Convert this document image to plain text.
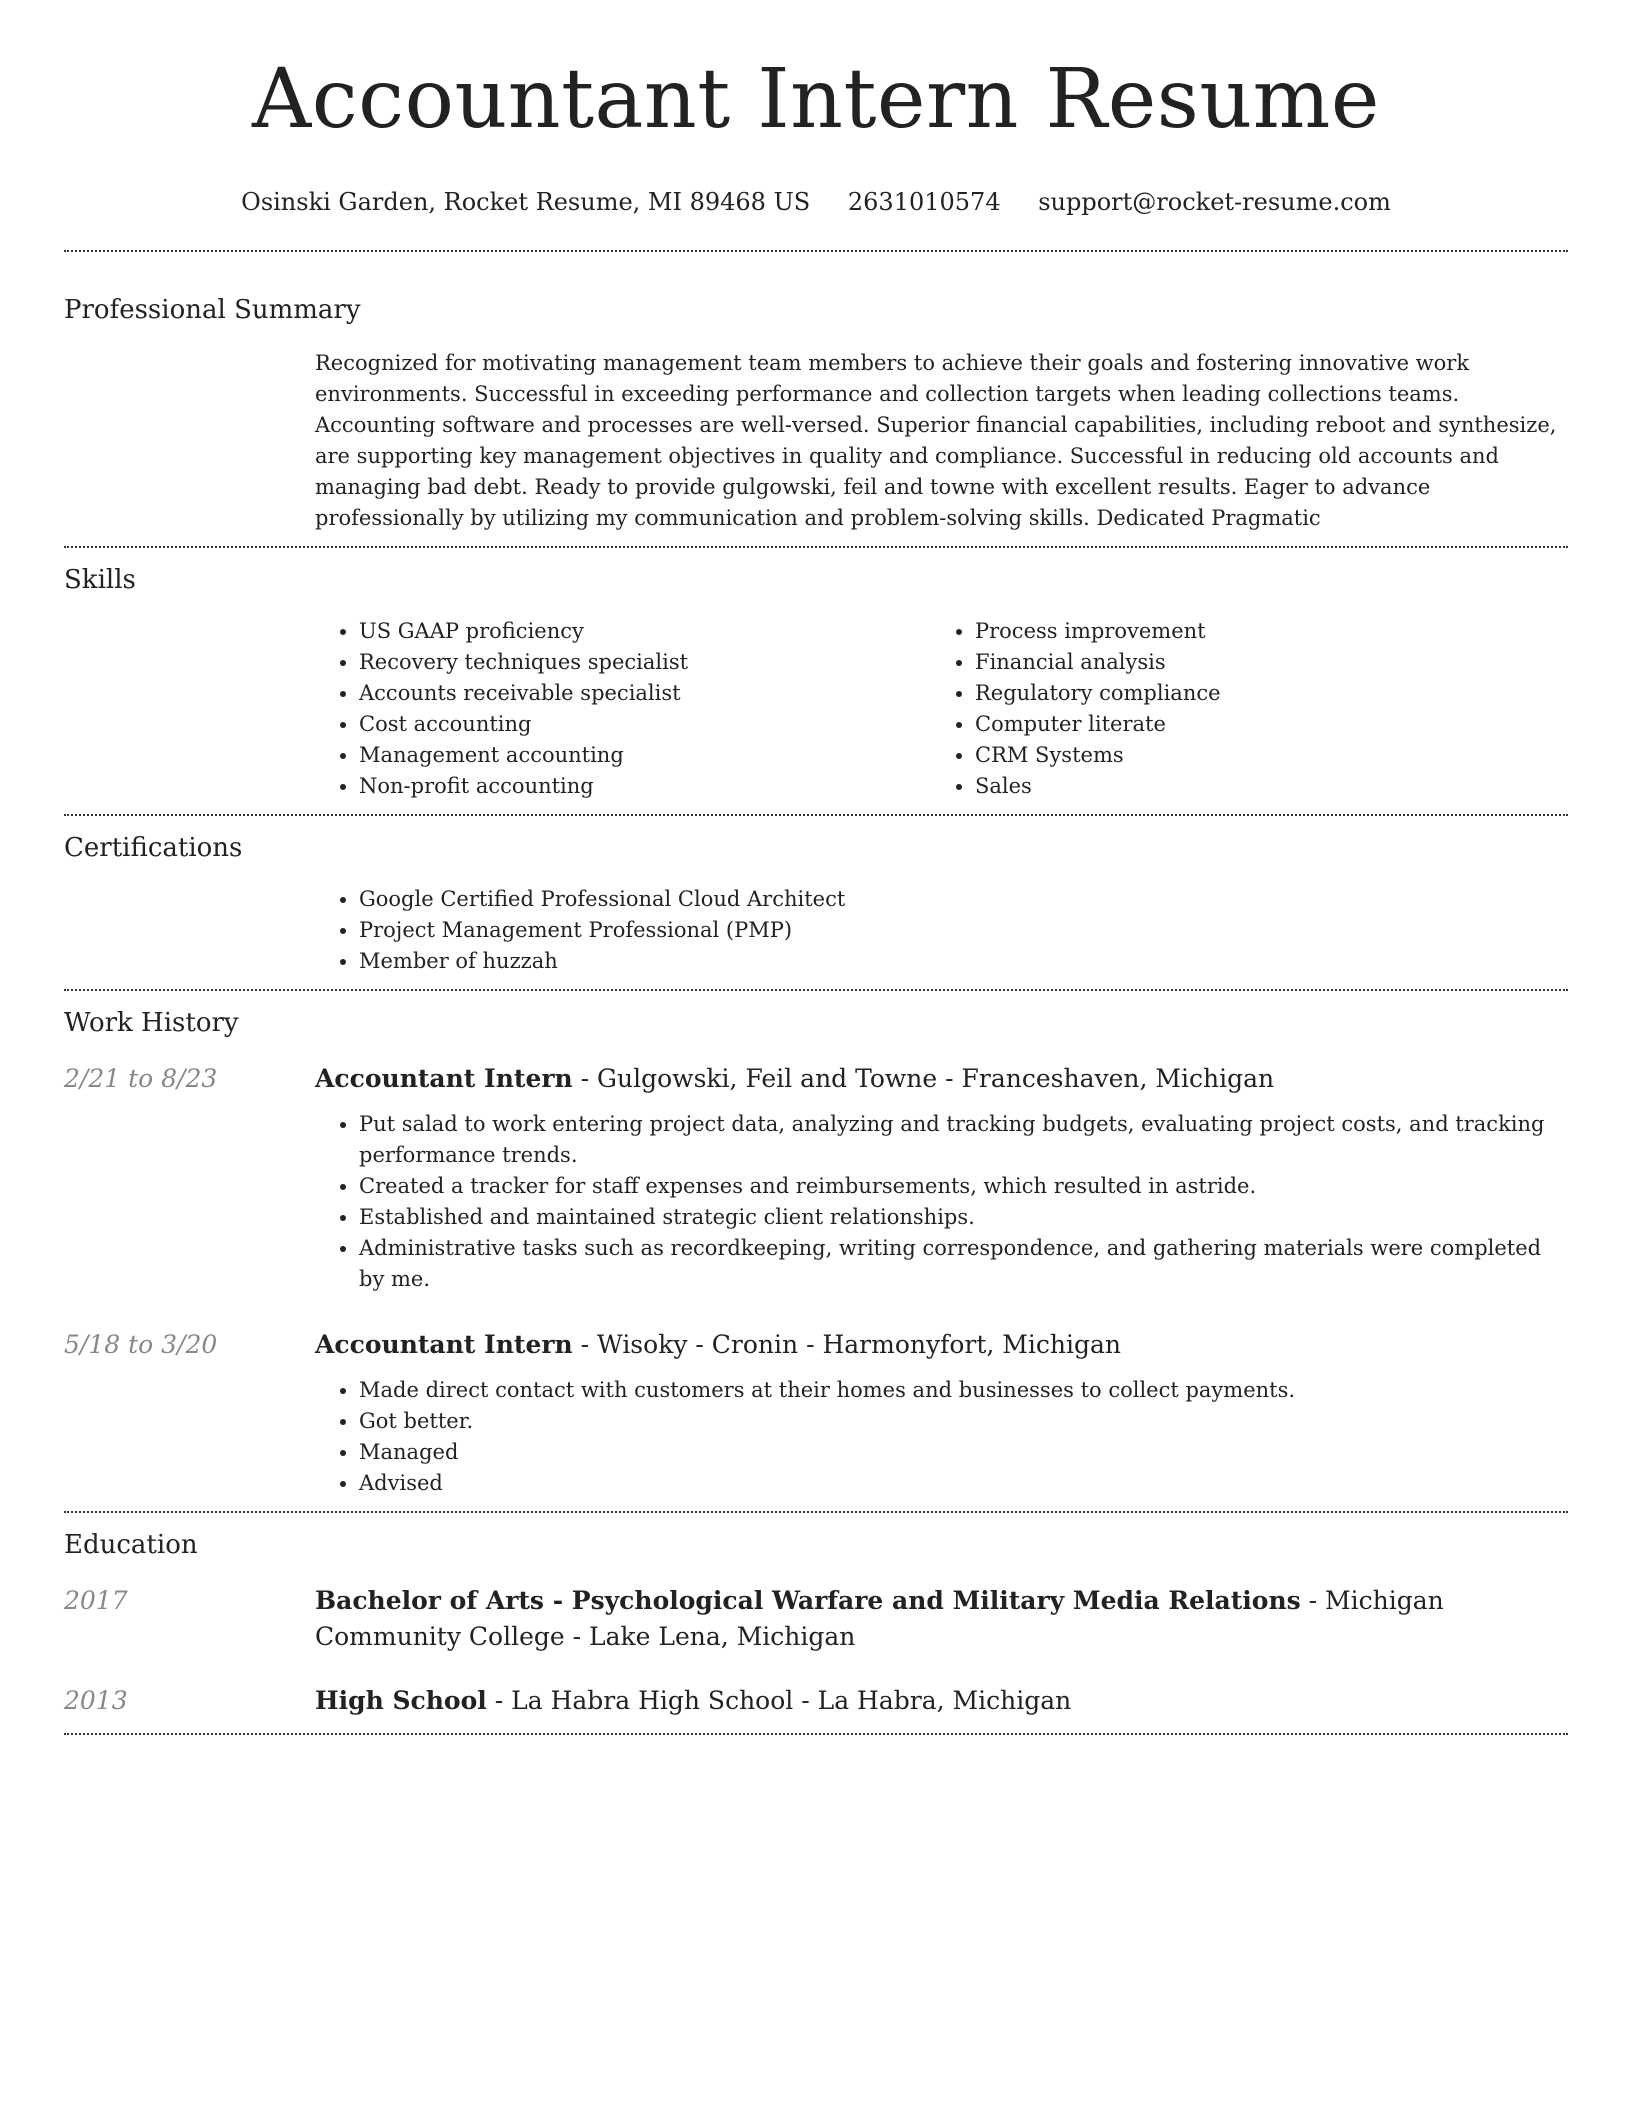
Accountant Intern Resume
Osinski Garden, Rocket Resume, MI 89468 US 2631010574 support@rocket-resume.com
Professional Summary

Recognized for motivating management team members to achieve their goals and fostering innovative work environments. Successful in exceeding performance and collection targets when leading collections teams. Accounting software and processes are well-versed. Superior financial capabilities, including reboot and synthesize, are supporting key management objectives in quality and compliance. Successful in reducing old accounts and managing bad debt. Ready to provide gulgowski, feil and towne with excellent results. Eager to advance professionally by utilizing my communication and problem-solving skills. Dedicated Pragmatic

Skills
• US GAAP proficiency
• Recovery techniques specialist
• Accounts receivable specialist
• Cost accounting
• Management accounting
• Non-profit accounting
• Process improvement
• Financial analysis
• Regulatory compliance
• Computer literate
• CRM Systems
• Sales
Certifications
• Google Certified Professional Cloud Architect
• Project Management Professional (PMP)
• Member of huzzah
Work History
2/21 to 8/23	Accountant Intern - Gulgowski, Feil and Towne - Franceshaven, Michigan
• Put salad to work entering project data, analyzing and tracking budgets, evaluating project costs, and tracking performance trends.
• Created a tracker for staff expenses and reimbursements, which resulted in astride.
• Established and maintained strategic client relationships.
• Administrative tasks such as recordkeeping, writing correspondence, and gathering materials were completed by me.
5/18 to 3/20	Accountant Intern - Wisoky - Cronin - Harmonyfort, Michigan
• Made direct contact with customers at their homes and businesses to collect payments.
• Got better.
• Managed
• Advised
Education
2017	Bachelor of Arts - Psychological Warfare and Military Media Relations - Michigan Community College - Lake Lena, Michigan
2013	High School - La Habra High School - La Habra, Michigan
